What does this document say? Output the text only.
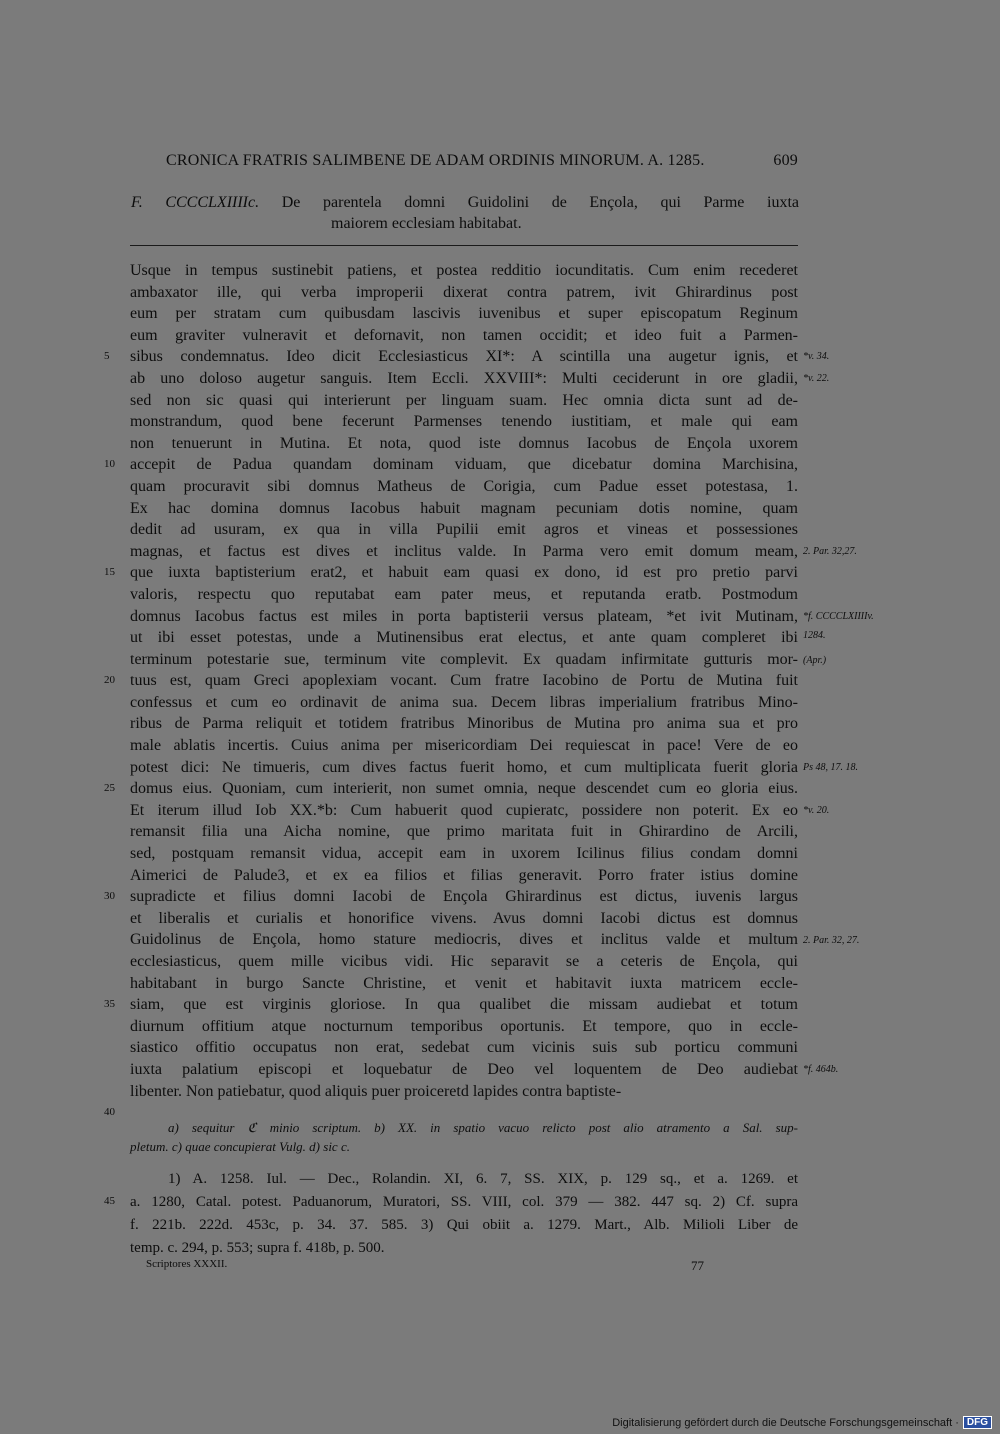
CRONICA FRATRIS SALIMBENE DE ADAM ORDINIS MINORUM. A. 1285.	609
F. CCCCLXIIIIc. De parentela domni Guidolini de Ençola, qui Parme iuxta
maiorem ecclesiam habitabat.
Usque in tempus sustinebit patiens, et postea redditio iocunditatis. Cum enim recederet
ambaxator ille, qui verba improperii dixerat contra patrem, ivit Ghirardinus post
eum per stratam cum quibusdam lascivis iuvenibus et super episcopatum Reginum
eum graviter vulneravit et defornavit, non tamen occidit; et ideo fuit a Parmen-
sibus condemnatus. Ideo dicit Ecclesiasticus XI*: A scintilla una augetur ignis, et
ab uno doloso augetur sanguis. Item Eccli. XXVIII*: Multi ceciderunt in ore gladii,
sed non sic quasi qui interierunt per linguam suam. Hec omnia dicta sunt ad de-
monstrandum, quod bene fecerunt Parmenses tenendo iustitiam, et male qui eam
non tenuerunt in Mutina. Et nota, quod iste domnus Iacobus de Ençola uxorem
accepit de Padua quandam dominam viduam, que dicebatur domina Marchisina,
quam procuravit sibi domnus Matheus de Corigia, cum Padue esset potestasa, 1.
Ex hac domina domnus Iacobus habuit magnam pecuniam dotis nomine, quam
dedit ad usuram, ex qua in villa Pupilii emit agros et vineas et possessiones
magnas, et factus est dives et inclitus valde. In Parma vero emit domum meam,
que iuxta baptisterium erat2, et habuit eam quasi ex dono, id est pro pretio parvi
valoris, respectu quo reputabat eam pater meus, et reputanda eratb. Postmodum
domnus Iacobus factus est miles in porta baptisterii versus plateam, *et ivit Mutinam,
ut ibi esset potestas, unde a Mutinensibus erat electus, et ante quam compleret ibi
terminum potestarie sue, terminum vite complevit. Ex quadam infirmitate gutturis mor-
tuus est, quam Greci apoplexiam vocant. Cum fratre Iacobino de Portu de Mutina fuit
confessus et cum eo ordinavit de anima sua. Decem libras imperialium fratribus Mino-
ribus de Parma reliquit et totidem fratribus Minoribus de Mutina pro anima sua et pro
male ablatis incertis. Cuius anima per misericordiam Dei requiescat in pace! Vere de eo
potest dici: Ne timueris, cum dives factus fuerit homo, et cum multiplicata fuerit gloria
domus eius. Quoniam, cum interierit, non sumet omnia, neque descendet cum eo gloria eius.
Et iterum illud Iob XX.*b: Cum habuerit quod cupieratc, possidere non poterit. Ex eo
remansit filia una Aicha nomine, que primo maritata fuit in Ghirardino de Arcili,
sed, postquam remansit vidua, accepit eam in uxorem Icilinus filius condam domni
Aimerici de Palude3, et ex ea filios et filias generavit. Porro frater istius domine
supradicte et filius domni Iacobi de Ençola Ghirardinus est dictus, iuvenis largus
et liberalis et curialis et honorifice vivens. Avus domni Iacobi dictus est domnus
Guidolinus de Ençola, homo stature mediocris, dives et inclitus valde et multum
ecclesiasticus, quem mille vicibus vidi. Hic separavit se a ceteris de Ençola, qui
habitabant in burgo Sancte Christine, et venit et habitavit iuxta matricem eccle-
siam, que est virginis gloriose. In qua qualibet die missam audiebat et totum
diurnum offitium atque nocturnum temporibus oportunis. Et tempore, quo in eccle-
siastico offitio occupatus non erat, sedebat cum vicinis suis sub porticu communi
iuxta palatium episcopi et loquebatur de Deo vel loquentem de Deo audiebat
libenter. Non patiebatur, quod aliquis puer proiceretd lapides contra baptiste-
5
10
15
20
25
30
35
40
*v. 34.
*v. 22.
2. Par. 32,27.
*f. CCCCLXIIIIv.
1284.
(Apr.)
Ps 48, 17. 18.
*v. 20.
2. Par. 32, 27.
*f. 464b.
a) sequitur ℭ minio scriptum. b) XX. in spatio vacuo relicto post alio atramento a Sal. sup-
pletum. c) quae concupierat Vulg. d) sic c.
1) A. 1258. Iul. — Dec., Rolandin. XI, 6. 7, SS. XIX, p. 129 sq., et a. 1269. et
a. 1280, Catal. potest. Paduanorum, Muratori, SS. VIII, col. 379 — 382. 447 sq. 2) Cf. supra
f. 221b. 222d. 453c, p. 34. 37. 585. 3) Qui obiit a. 1279. Mart., Alb. Milioli Liber de
temp. c. 294, p. 553; supra f. 418b, p. 500.
45
Scriptores XXXII.	77
Digitalisierung gefördert durch die Deutsche Forschungsgemeinschaft · DFG
